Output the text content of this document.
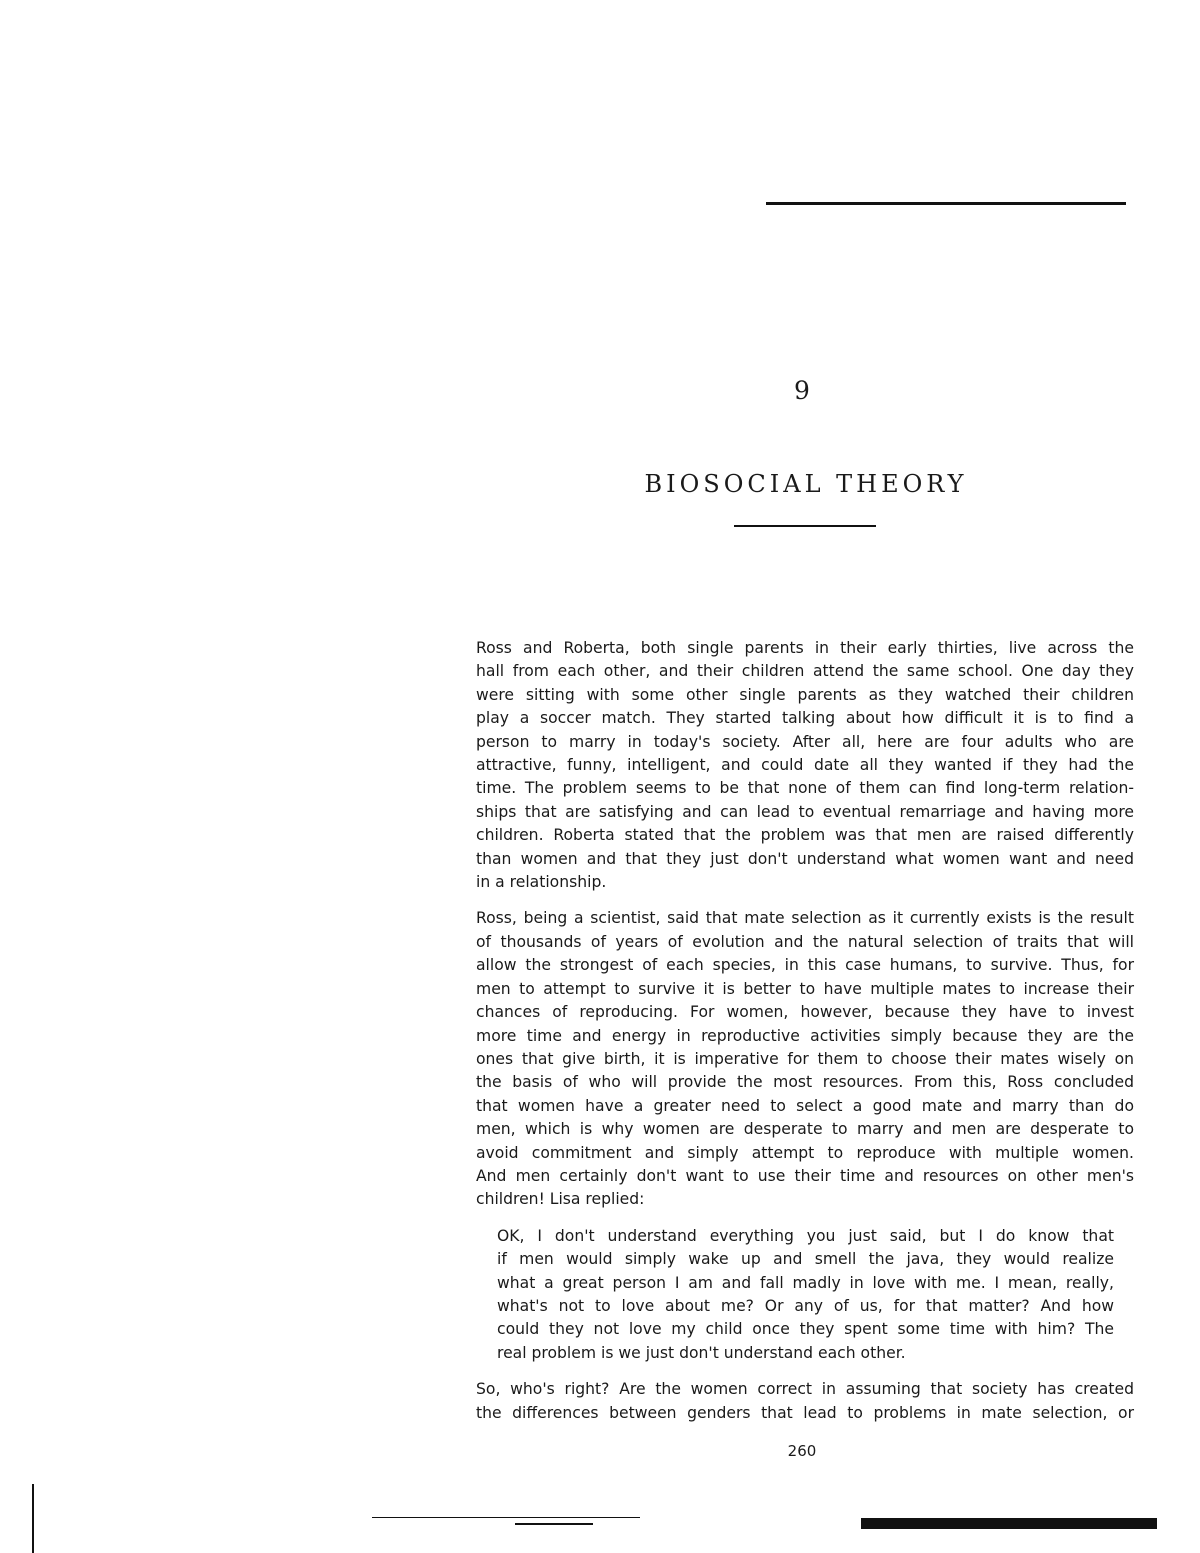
9
BIOSOCIAL THEORY

Ross and Roberta, both single parents in their early thirties, live across the
hall from each other, and their children attend the same school. One day they
were sitting with some other single parents as they watched their children
play a soccer match. They started talking about how difficult it is to find a
person to marry in today's society. After all, here are four adults who are
attractive, funny, intelligent, and could date all they wanted if they had the
time. The problem seems to be that none of them can find long-term relation-
ships that are satisfying and can lead to eventual remarriage and having more
children. Roberta stated that the problem was that men are raised differently
than women and that they just don't understand what women want and need
in a relationship.

Ross, being a scientist, said that mate selection as it currently exists is the result
of thousands of years of evolution and the natural selection of traits that will
allow the strongest of each species, in this case humans, to survive. Thus, for
men to attempt to survive it is better to have multiple mates to increase their
chances of reproducing. For women, however, because they have to invest
more time and energy in reproductive activities simply because they are the
ones that give birth, it is imperative for them to choose their mates wisely on
the basis of who will provide the most resources. From this, Ross concluded
that women have a greater need to select a good mate and marry than do
men, which is why women are desperate to marry and men are desperate to
avoid commitment and simply attempt to reproduce with multiple women.
And men certainly don't want to use their time and resources on other men's
children! Lisa replied:

OK, I don't understand everything you just said, but I do know that
if men would simply wake up and smell the java, they would realize
what a great person I am and fall madly in love with me. I mean, really,
what's not to love about me? Or any of us, for that matter? And how
could they not love my child once they spent some time with him? The
real problem is we just don't understand each other.

So, who's right? Are the women correct in assuming that society has created
the differences between genders that lead to problems in mate selection, or

260
